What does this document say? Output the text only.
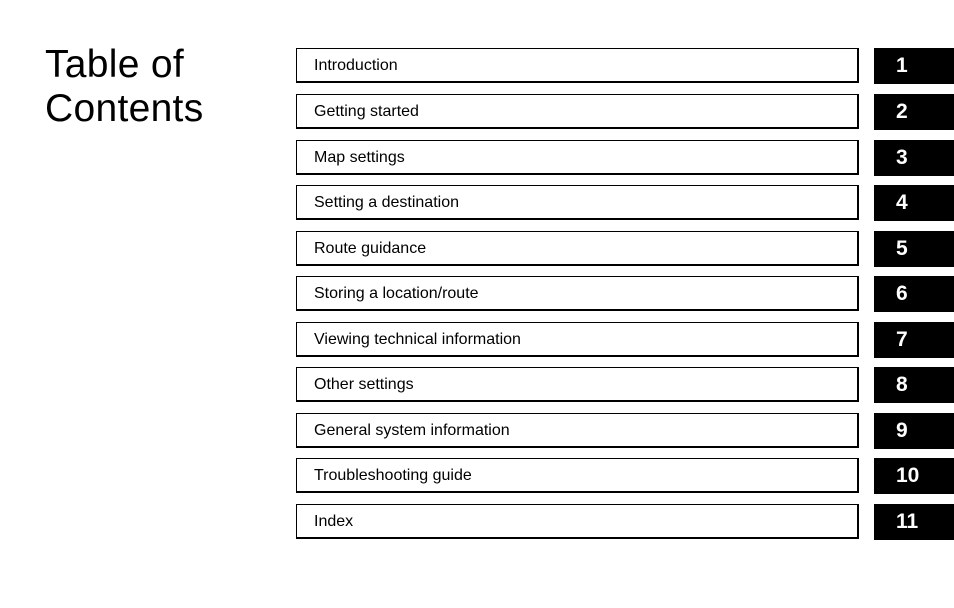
Table of
Contents
Introduction	1
Getting started	2
Map settings	3
Setting a destination	4
Route guidance	5
Storing a location/route	6
Viewing technical information	7
Other settings	8
General system information	9
Troubleshooting guide	10
Index	11
